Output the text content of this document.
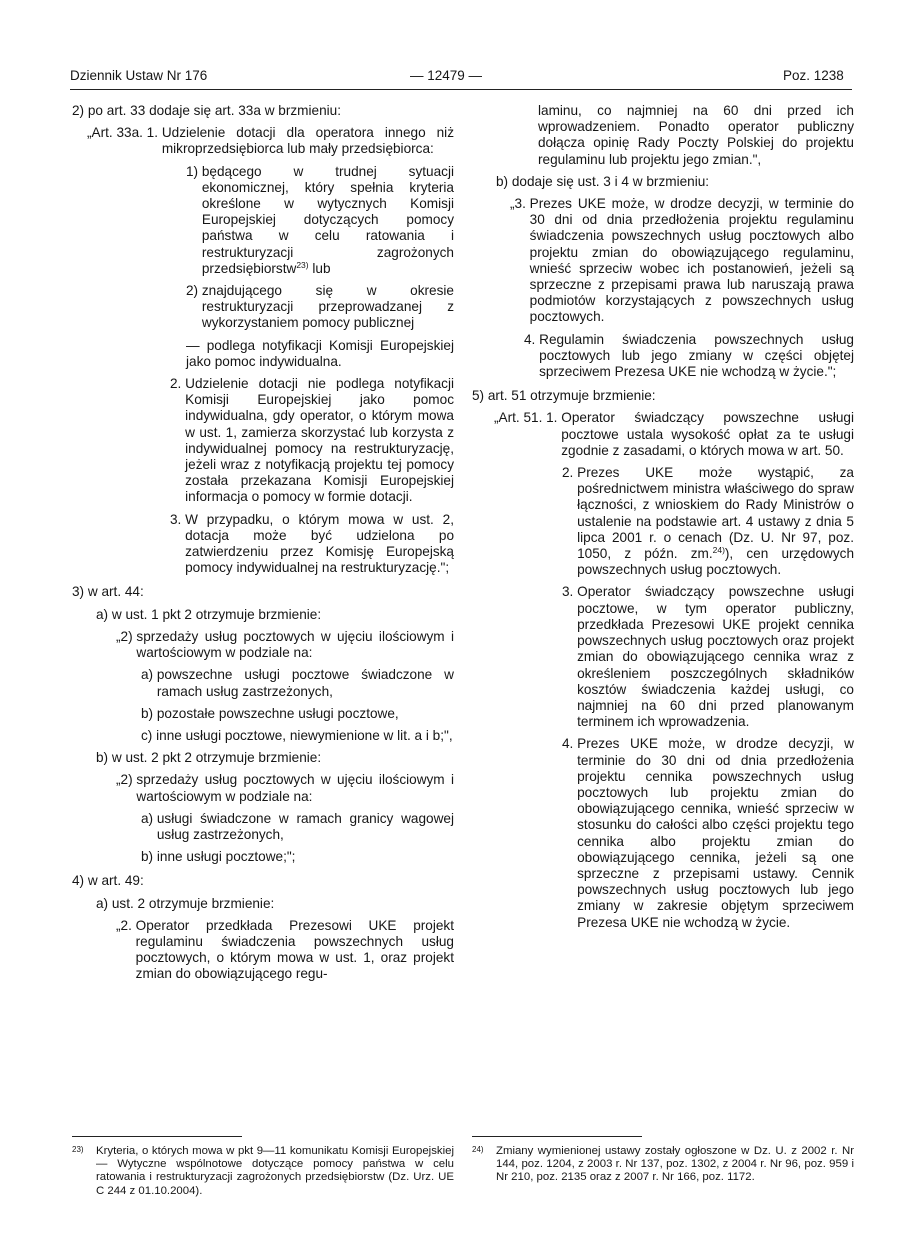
Dziennik Ustaw Nr 176	— 12479 —	Poz. 1238

2) po art. 33 dodaje się art. 33a w brzmieniu:

„Art. 33a. 1. Udzielenie dotacji dla operatora innego niż mikroprzedsiębiorca lub mały przedsiębiorca:
1) będącego w trudnej sytuacji ekonomicznej, który spełnia kryteria określone w wytycznych Komisji Europejskiej dotyczących pomocy państwa w celu ratowania i restrukturyzacji zagrożonych przedsiębiorstw$^{23)}$ lub
2) znajdującego się w okresie restrukturyzacji przeprowadzanej z wykorzystaniem pomocy publicznej

— podlega notyfikacji Komisji Europejskiej jako pomoc indywidualna.

2. Udzielenie dotacji nie podlega notyfikacji Komisji Europejskiej jako pomoc indywidualna, gdy operator, o którym mowa w ust. 1, zamierza skorzystać lub korzysta z indywidualnej pomocy na restrukturyzację, jeżeli wraz z notyfikacją projektu tej pomocy została przekazana Komisji Europejskiej informacja o pomocy w formie dotacji.
3. W przypadku, o którym mowa w ust. 2, dotacja może być udzielona po zatwierdzeniu przez Komisję Europejską pomocy indywidualnej na restrukturyzację.";

3) w art. 44:

a) w ust. 1 pkt 2 otrzymuje brzmienie:

„2) sprzedaży usług pocztowych w ujęciu ilościowym i wartościowym w podziale na:
a) powszechne usługi pocztowe świadczone w ramach usług zastrzeżonych,
b) pozostałe powszechne usługi pocztowe,
c) inne usługi pocztowe, niewymienione w lit. a i b;",

b) w ust. 2 pkt 2 otrzymuje brzmienie:

„2) sprzedaży usług pocztowych w ujęciu ilościowym i wartościowym w podziale na:
a) usługi świadczone w ramach granicy wagowej usług zastrzeżonych,
b) inne usługi pocztowe;";

4) w art. 49:

a) ust. 2 otrzymuje brzmienie:

„2. Operator przedkłada Prezesowi UKE projekt regulaminu świadczenia powszechnych usług pocztowych, o którym mowa w ust. 1, oraz projekt zmian do obowiązującego regu-

laminu, co najmniej na 60 dni przed ich wprowadzeniem. Ponadto operator publiczny dołącza opinię Rady Poczty Polskiej do projektu regulaminu lub projektu jego zmian.",

b) dodaje się ust. 3 i 4 w brzmieniu:

„3. Prezes UKE może, w drodze decyzji, w terminie do 30 dni od dnia przedłożenia projektu regulaminu świadczenia powszechnych usług pocztowych albo projektu zmian do obowiązującego regulaminu, wnieść sprzeciw wobec ich postanowień, jeżeli są sprzeczne z przepisami prawa lub naruszają prawa podmiotów korzystających z powszechnych usług pocztowych.
4. Regulamin świadczenia powszechnych usług pocztowych lub jego zmiany w części objętej sprzeciwem Prezesa UKE nie wchodzą w życie.";

5) art. 51 otrzymuje brzmienie:

„Art. 51. 1. Operator świadczący powszechne usługi pocztowe ustala wysokość opłat za te usługi zgodnie z zasadami, o których mowa w art. 50.
2. Prezes UKE może wystąpić, za pośrednictwem ministra właściwego do spraw łączności, z wnioskiem do Rady Ministrów o ustalenie na podstawie art. 4 ustawy z dnia 5 lipca 2001 r. o cenach (Dz. U. Nr 97, poz. 1050, z późn. zm.$^{24)}$), cen urzędowych powszechnych usług pocztowych.
3. Operator świadczący powszechne usługi pocztowe, w tym operator publiczny, przedkłada Prezesowi UKE projekt cennika powszechnych usług pocztowych oraz projekt zmian do obowiązującego cennika wraz z określeniem poszczególnych składników kosztów świadczenia każdej usługi, co najmniej na 60 dni przed planowanym terminem ich wprowadzenia.
4. Prezes UKE może, w drodze decyzji, w terminie do 30 dni od dnia przedłożenia projektu cennika powszechnych usług pocztowych lub projektu zmian do obowiązującego cennika, wnieść sprzeciw w stosunku do całości albo części projektu tego cennika albo projektu zmian do obowiązującego cennika, jeżeli są one sprzeczne z przepisami ustawy. Cennik powszechnych usług pocztowych lub jego zmiany w zakresie objętym sprzeciwem Prezesa UKE nie wchodzą w życie.
23)	Kryteria, o których mowa w pkt 9—11 komunikatu Komisji Europejskiej — Wytyczne wspólnotowe dotyczące pomocy państwa w celu ratowania i restrukturyzacji zagrożonych przedsiębiorstw (Dz. Urz. UE C 244 z 01.10.2004).
24)	Zmiany wymienionej ustawy zostały ogłoszone w Dz. U. z 2002 r. Nr 144, poz. 1204, z 2003 r. Nr 137, poz. 1302, z 2004 r. Nr 96, poz. 959 i Nr 210, poz. 2135 oraz z 2007 r. Nr 166, poz. 1172.
